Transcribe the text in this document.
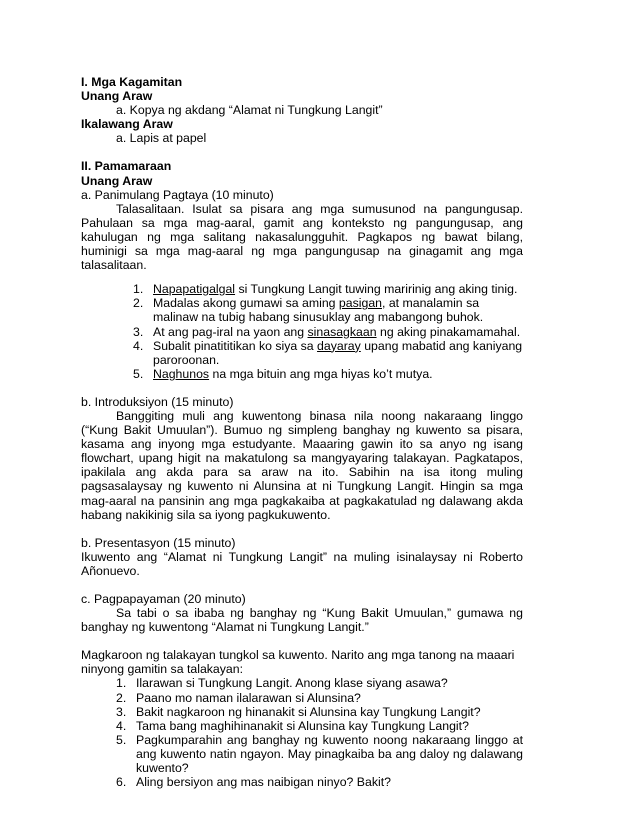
I. Mga Kagamitan

Unang Araw

a. Kopya ng akdang “Alamat ni Tungkung Langit”

Ikalawang Araw

a. Lapis at papel

II. Pamamaraan

Unang Araw

a. Panimulang Pagtaya (10 minuto)

Talasalitaan. Isulat sa pisara ang mga sumusunod na pangungusap. Pahulaan sa mga mag-aaral, gamit ang konteksto ng pangungusap, ang kahulugan ng mga salitang nakasalungguhit. Pagkapos ng bawat bilang, huminigi sa mga mag-aaral ng mga pangungusap na ginagamit ang mga talasalitaan.

1. Napapatigalgal si Tungkung Langit tuwing maririnig ang aking tinig.
2. Madalas akong gumawi sa aming pasigan, at manalamin sa malinaw na tubig habang sinusuklay ang mabangong buhok.
3. At ang pag-iral na yaon ang sinasagkaan ng aking pinakamamahal.
4. Subalit pinatititikan ko siya sa dayaray upang mabatid ang kaniyang paroroonan.
5. Naghunos na mga bituin ang mga hiyas ko’t mutya.

b. Introduksiyon (15 minuto)

Banggiting muli ang kuwentong binasa nila noong nakaraang linggo (“Kung Bakit Umuulan”). Bumuo ng simpleng banghay ng kuwento sa pisara, kasama ang inyong mga estudyante. Maaaring gawin ito sa anyo ng isang flowchart, upang higit na makatulong sa mangyayaring talakayan. Pagkatapos, ipakilala ang akda para sa araw na ito. Sabihin na isa itong muling pagsasalaysay ng kuwento ni Alunsina at ni Tungkung Langit. Hingin sa mga mag-aaral na pansinin ang mga pagkakaiba at pagkakatulad ng dalawang akda habang nakikinig sila sa iyong pagkukuwento.

b. Presentasyon (15 minuto)

Ikuwento ang “Alamat ni Tungkung Langit” na muling isinalaysay ni Roberto Añonuevo.

c. Pagpapayaman (20 minuto)

Sa tabi o sa ibaba ng banghay ng “Kung Bakit Umuulan,” gumawa ng banghay ng kuwentong “Alamat ni Tungkung Langit.”

Magkaroon ng talakayan tungkol sa kuwento. Narito ang mga tanong na maaari ninyong gamitin sa talakayan:

1. Ilarawan si Tungkung Langit. Anong klase siyang asawa?
2. Paano mo naman ilalarawan si Alunsina?
3. Bakit nagkaroon ng hinanakit si Alunsina kay Tungkung Langit?
4. Tama bang maghihinanakit si Alunsina kay Tungkung Langit?
5. Pagkumparahin ang banghay ng kuwento noong nakaraang linggo at ang kuwento natin ngayon. May pinagkaiba ba ang daloy ng dalawang kuwento?
6. Aling bersiyon ang mas naibigan ninyo? Bakit?
